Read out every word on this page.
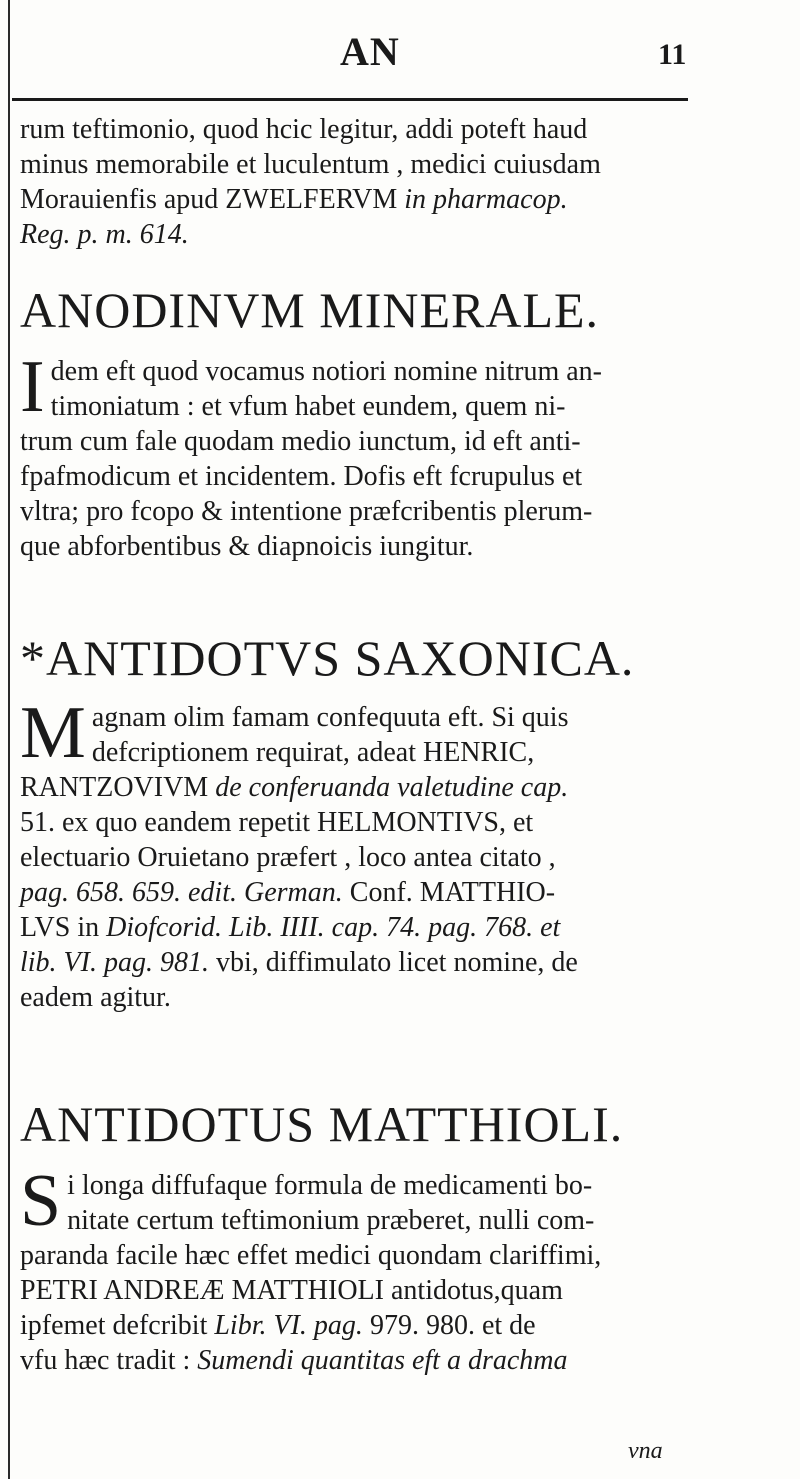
AN	11
rum teftimonio, quod hcic legitur, addi poteft haud
minus memorabile et luculentum , medici cuiusdam
Morauienfis apud ZWELFERVM in pharmacop.
Reg. p. m. 614.
ANODINVM MINERALE.
I dem eft quod vocamus notiori nomine nitrum an-
timoniatum : et vfum habet eundem, quem ni-
trum cum fale quodam medio iunctum, id eft anti-
fpafmodicum et incidentem. Dofis eft fcrupulus et
vltra; pro fcopo & intentione præfcribentis plerum-
que abforbentibus & diapnoicis iungitur.
*ANTIDOTVS SAXONICA.
M agnam olim famam confequuta eft. Si quis
defcriptionem requirat, adeat HENRIC,
RANTZOVIVM de conferuanda valetudine cap.
51. ex quo eandem repetit HELMONTIVS, et
electuario Oruietano præfert , loco antea citato ,
pag. 658. 659. edit. German. Conf. MATTHIO-
LVS in Diofcorid. Lib. IIII. cap. 74. pag. 768. et
lib. VI. pag. 981. vbi, diffimulato licet nomine, de
eadem agitur.
ANTIDOTUS MATTHIOLI.
S i longa diffufaque formula de medicamenti bo-
nitate certum teftimonium præberet, nulli com-
paranda facile hæc effet medici quondam clariffimi,
PETRI ANDREÆ MATTHIOLI antidotus,quam
ipfemet defcribit Libr. VI. pag. 979. 980. et de
vfu hæc tradit : Sumendi quantitas eft a drachma
vna
